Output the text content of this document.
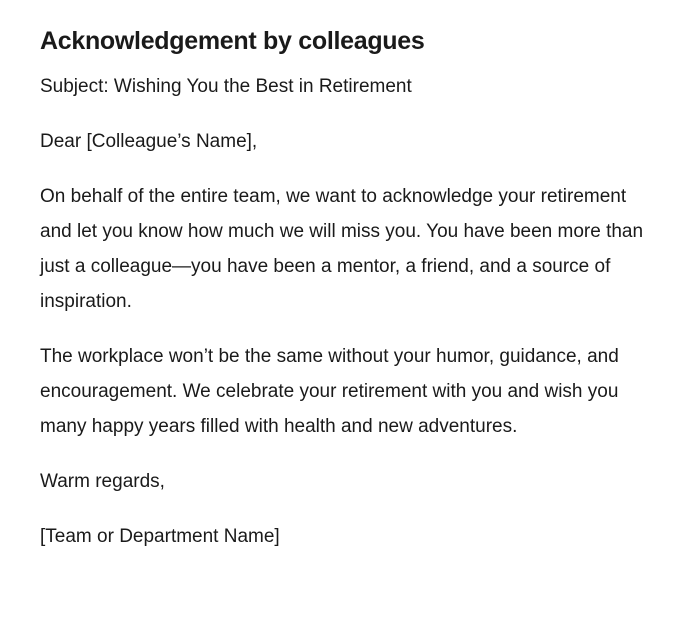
Acknowledgement by colleagues

Subject: Wishing You the Best in Retirement

Dear [Colleague’s Name],

On behalf of the entire team, we want to acknowledge your retirement and let you know how much we will miss you. You have been more than just a colleague—you have been a mentor, a friend, and a source of inspiration.

The workplace won’t be the same without your humor, guidance, and encouragement. We celebrate your retirement with you and wish you many happy years filled with health and new adventures.

Warm regards,

[Team or Department Name]
